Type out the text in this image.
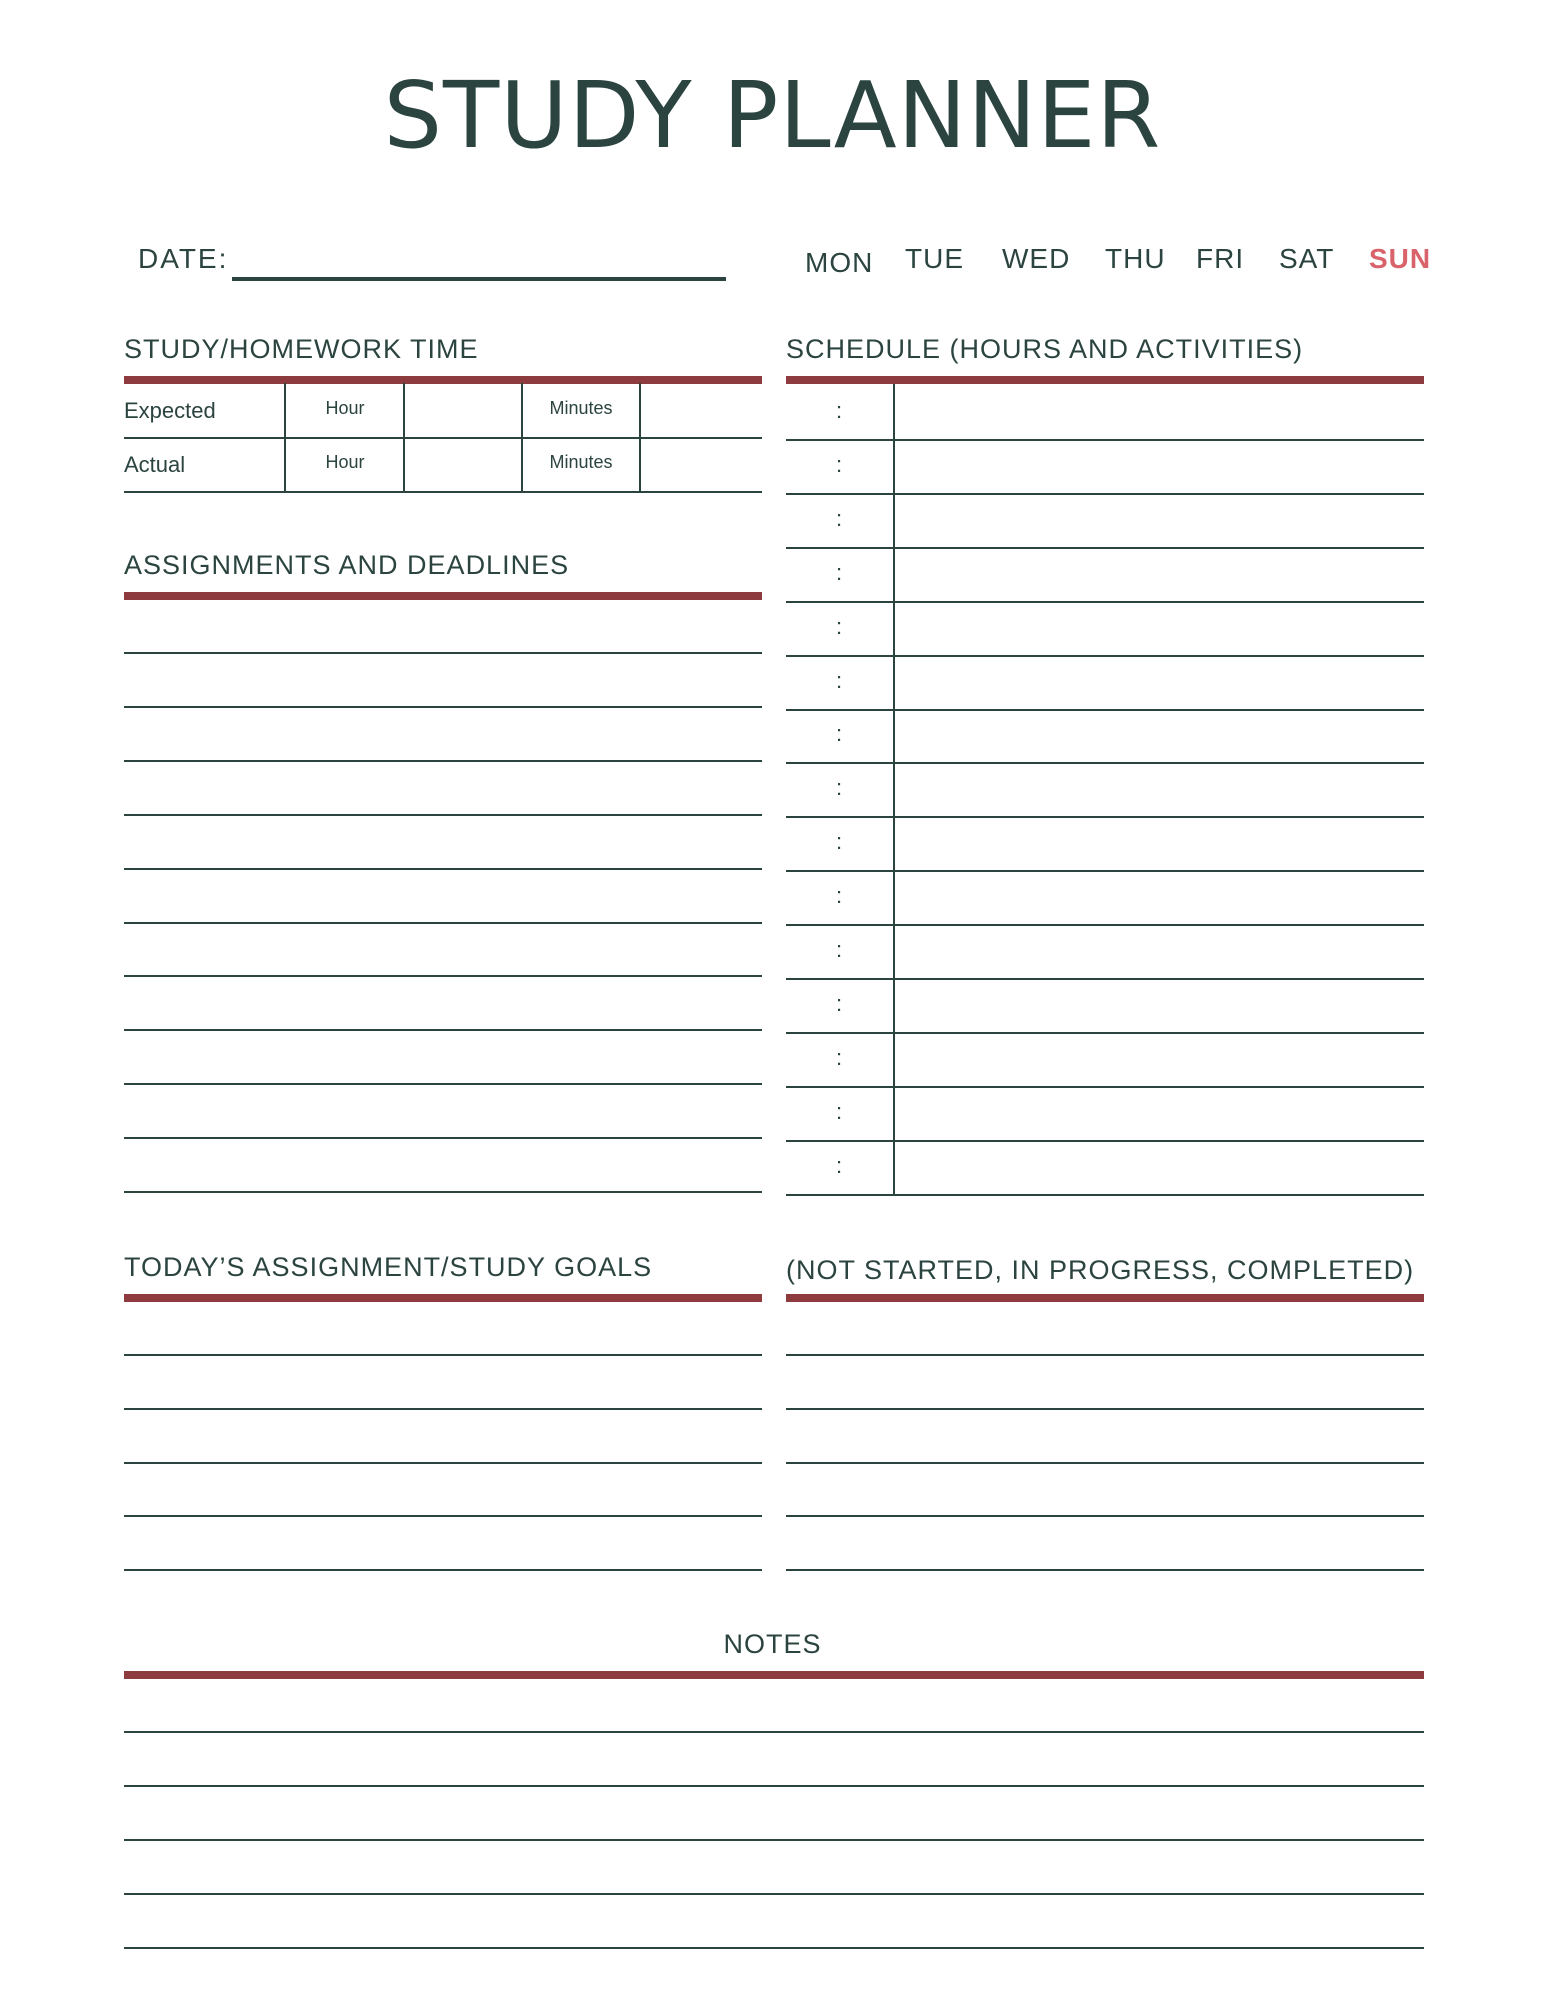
STUDY PLANNER
DATE:	MON TUE WED THU FRI SAT SUN
STUDY/HOMEWORK TIME
Expected	Hour	Minutes
Actual	Hour	Minutes
ASSIGNMENTS AND DEADLINES
SCHEDULE (HOURS AND ACTIVITIES)
:
:
:
:
:
:
:
:
:
:
:
:
:
:
:
TODAY’S ASSIGNMENT/STUDY GOALS	(NOT STARTED, IN PROGRESS, COMPLETED)
NOTES
